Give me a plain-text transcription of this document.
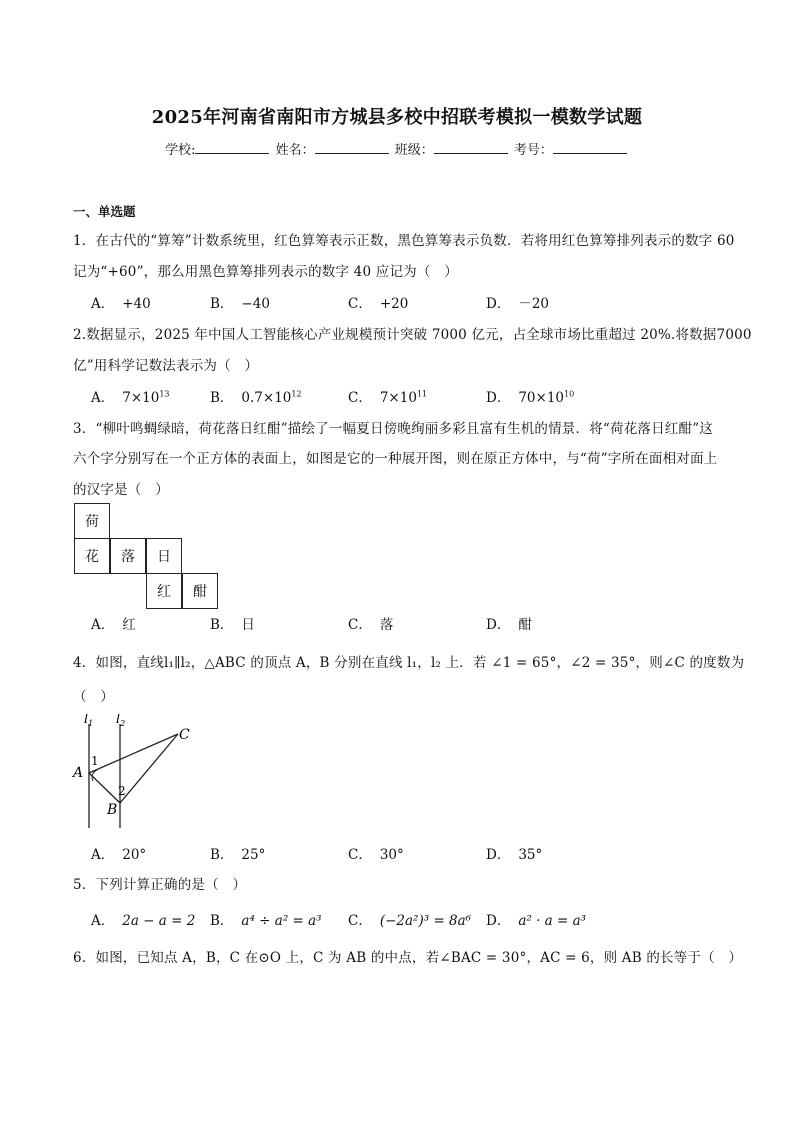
2025年河南省南阳市方城县多校中招联考模拟一模数学试题
学校:	姓名：	班级：	考号：
一、单选题
1．在古代的“算筹”计数系统里，红色算筹表示正数，黑色算筹表示负数．若将用红色算筹排列表示的数字 60
记为“+60”，那么用黑色算筹排列表示的数字 40 应记为（　）
A． +40	B． −40	C． +20	D． －20
2.数据显示，2025 年中国人工智能核心产业规模预计突破 7000 亿元，占全球市场比重超过 20%.将数据7000
亿”用科学记数法表示为（　）
A． $7\times 10^{13}$	B． $0.7\times 10^{12}$	C． $7\times 10^{11}$	D． $70\times 10^{10}$
3．“柳叶鸣蜩绿暗，荷花落日红酣”描绘了一幅夏日傍晚绚丽多彩且富有生机的情景．将“荷花落日红酣”这
六个字分别写在一个正方体的表面上，如图是它的一种展开图，则在原正方体中，与“荷”字所在面相对面上
的汉字是（　）
荷
花	落	日
红	酣
A． 红	B． 日	C． 落	D． 酣
4．如图，直线l₁∥l₂，△ABC 的顶点 A，B 分别在直线 l₁，l₂ 上．若 ∠1 = 65°，∠2 = 35°，则∠C 的度数为
（　）
$l_1$ $l_2$
A
B
C
1
2
A． 20°	B． 25°	C． 30°	D． 35°
5．下列计算正确的是（　）
A． 2a − a = 2 B． a⁴ ÷ a² = a³ C． (−2a²)³ = 8a⁶ D． a² · a = a³
6．如图，已知点 A，B，C 在⊙O 上，C 为 AB 的中点，若∠BAC = 30°，AC = 6，则 AB 的长等于（　）
